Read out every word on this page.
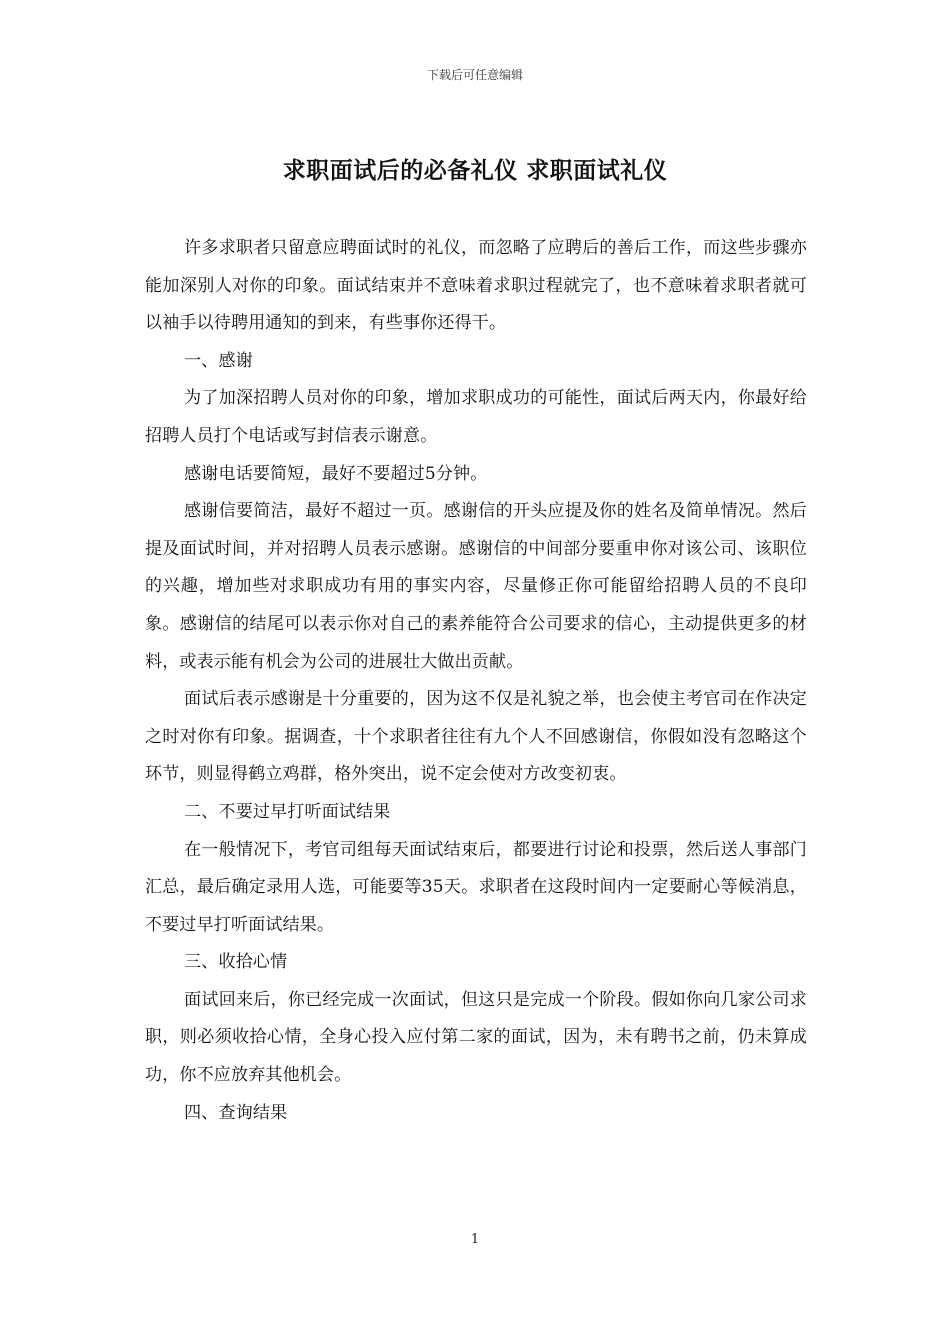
下载后可任意编辑
求职面试后的必备礼仪 求职面试礼仪

许多求职者只留意应聘面试时的礼仪，而忽略了应聘后的善后工作，而这些步骤亦能加深别人对你的印象。面试结束并不意味着求职过程就完了，也不意味着求职者就可以袖手以待聘用通知的到来，有些事你还得干。

一、感谢

为了加深招聘人员对你的印象，增加求职成功的可能性，面试后两天内，你最好给招聘人员打个电话或写封信表示谢意。

感谢电话要简短，最好不要超过5分钟。

感谢信要简洁，最好不超过一页。感谢信的开头应提及你的姓名及简单情况。然后提及面试时间，并对招聘人员表示感谢。感谢信的中间部分要重申你对该公司、该职位的兴趣，增加些对求职成功有用的事实内容，尽量修正你可能留给招聘人员的不良印象。感谢信的结尾可以表示你对自己的素养能符合公司要求的信心，主动提供更多的材料，或表示能有机会为公司的进展壮大做出贡献。

面试后表示感谢是十分重要的，因为这不仅是礼貌之举，也会使主考官司在作决定之时对你有印象。据调查，十个求职者往往有九个人不回感谢信，你假如没有忽略这个环节，则显得鹤立鸡群，格外突出，说不定会使对方改变初衷。

二、不要过早打听面试结果

在一般情况下，考官司组每天面试结束后，都要进行讨论和投票，然后送人事部门汇总，最后确定录用人选，可能要等35天。求职者在这段时间内一定要耐心等候消息，不要过早打听面试结果。

三、收拾心情

面试回来后，你已经完成一次面试，但这只是完成一个阶段。假如你向几家公司求职，则必须收拾心情，全身心投入应付第二家的面试，因为，未有聘书之前，仍未算成功，你不应放弃其他机会。

四、查询结果

1
